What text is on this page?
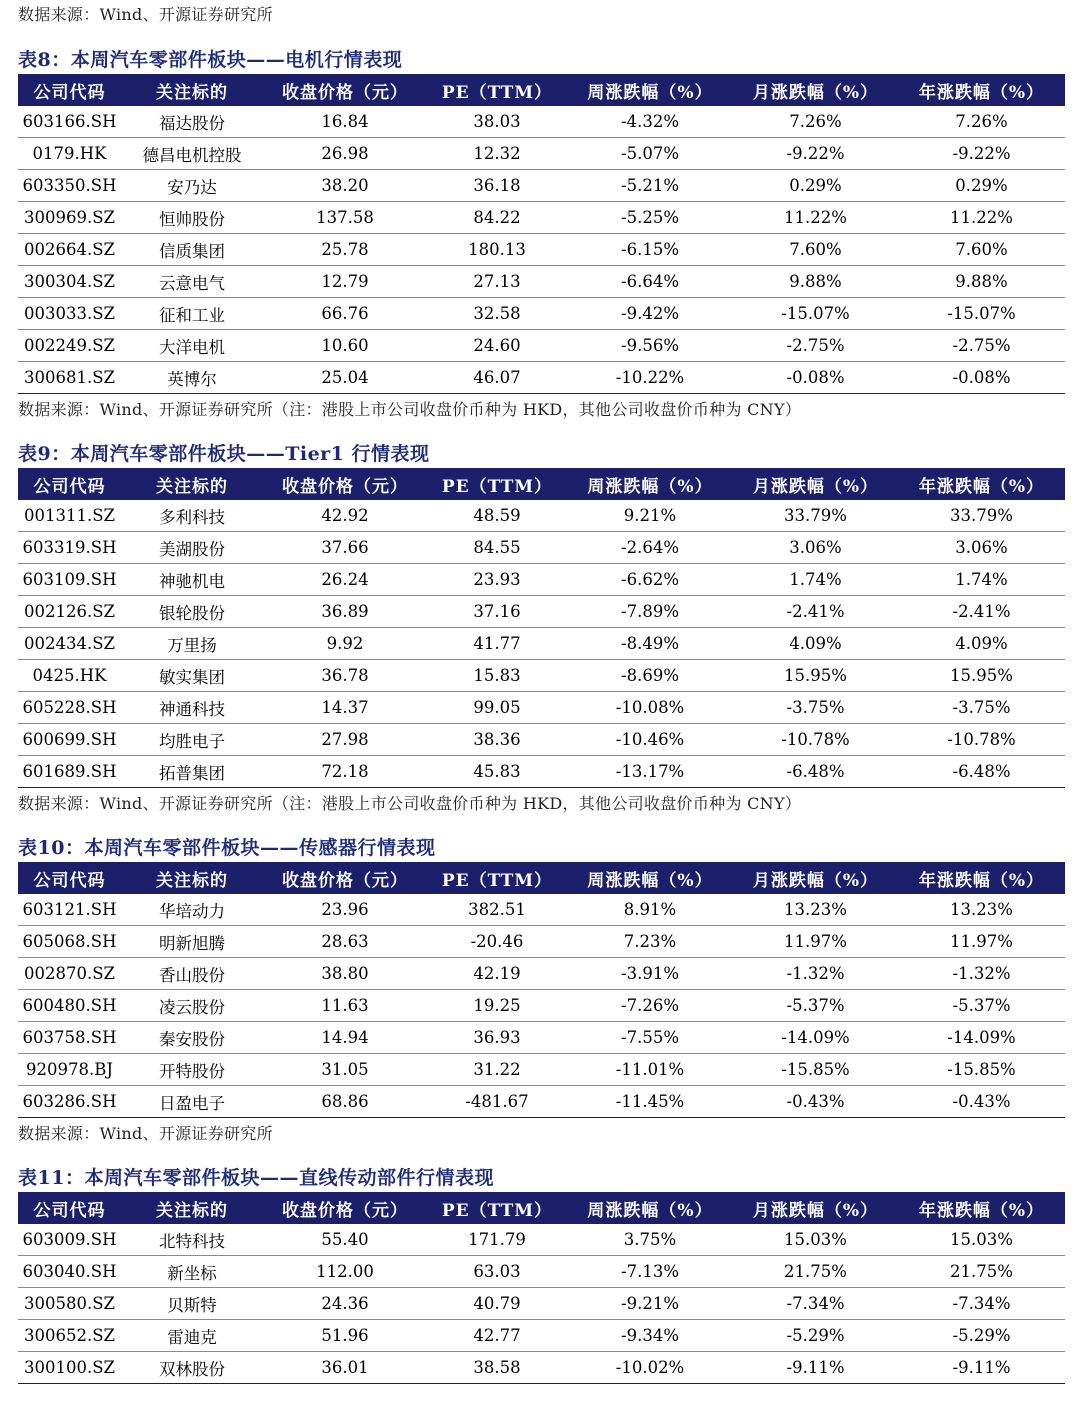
数据来源：Wind、开源证券研究所
表8：本周汽车零部件板块——电机行情表现
公司代码	关注标的	收盘价格（元）	PE（TTM）	周涨跌幅（%）	月涨跌幅（%）	年涨跌幅（%）
603166.SH	福达股份	16.84	38.03	-4.32%	7.26%	7.26%
0179.HK	德昌电机控股	26.98	12.32	-5.07%	-9.22%	-9.22%
603350.SH	安乃达	38.20	36.18	-5.21%	0.29%	0.29%
300969.SZ	恒帅股份	137.58	84.22	-5.25%	11.22%	11.22%
002664.SZ	信质集团	25.78	180.13	-6.15%	7.60%	7.60%
300304.SZ	云意电气	12.79	27.13	-6.64%	9.88%	9.88%
003033.SZ	征和工业	66.76	32.58	-9.42%	-15.07%	-15.07%
002249.SZ	大洋电机	10.60	24.60	-9.56%	-2.75%	-2.75%
300681.SZ	英博尔	25.04	46.07	-10.22%	-0.08%	-0.08%
数据来源：Wind、开源证券研究所（注：港股上市公司收盘价币种为 HKD，其他公司收盘价币种为 CNY）
表9：本周汽车零部件板块——Tier1 行情表现
公司代码	关注标的	收盘价格（元）	PE（TTM）	周涨跌幅（%）	月涨跌幅（%）	年涨跌幅（%）
001311.SZ	多利科技	42.92	48.59	9.21%	33.79%	33.79%
603319.SH	美湖股份	37.66	84.55	-2.64%	3.06%	3.06%
603109.SH	神驰机电	26.24	23.93	-6.62%	1.74%	1.74%
002126.SZ	银轮股份	36.89	37.16	-7.89%	-2.41%	-2.41%
002434.SZ	万里扬	9.92	41.77	-8.49%	4.09%	4.09%
0425.HK	敏实集团	36.78	15.83	-8.69%	15.95%	15.95%
605228.SH	神通科技	14.37	99.05	-10.08%	-3.75%	-3.75%
600699.SH	均胜电子	27.98	38.36	-10.46%	-10.78%	-10.78%
601689.SH	拓普集团	72.18	45.83	-13.17%	-6.48%	-6.48%
数据来源：Wind、开源证券研究所（注：港股上市公司收盘价币种为 HKD，其他公司收盘价币种为 CNY）
表10：本周汽车零部件板块——传感器行情表现
公司代码	关注标的	收盘价格（元）	PE（TTM）	周涨跌幅（%）	月涨跌幅（%）	年涨跌幅（%）
603121.SH	华培动力	23.96	382.51	8.91%	13.23%	13.23%
605068.SH	明新旭腾	28.63	-20.46	7.23%	11.97%	11.97%
002870.SZ	香山股份	38.80	42.19	-3.91%	-1.32%	-1.32%
600480.SH	凌云股份	11.63	19.25	-7.26%	-5.37%	-5.37%
603758.SH	秦安股份	14.94	36.93	-7.55%	-14.09%	-14.09%
920978.BJ	开特股份	31.05	31.22	-11.01%	-15.85%	-15.85%
603286.SH	日盈电子	68.86	-481.67	-11.45%	-0.43%	-0.43%
数据来源：Wind、开源证券研究所
表11：本周汽车零部件板块——直线传动部件行情表现
公司代码	关注标的	收盘价格（元）	PE（TTM）	周涨跌幅（%）	月涨跌幅（%）	年涨跌幅（%）
603009.SH	北特科技	55.40	171.79	3.75%	15.03%	15.03%
603040.SH	新坐标	112.00	63.03	-7.13%	21.75%	21.75%
300580.SZ	贝斯特	24.36	40.79	-9.21%	-7.34%	-7.34%
300652.SZ	雷迪克	51.96	42.77	-9.34%	-5.29%	-5.29%
300100.SZ	双林股份	36.01	38.58	-10.02%	-9.11%	-9.11%
